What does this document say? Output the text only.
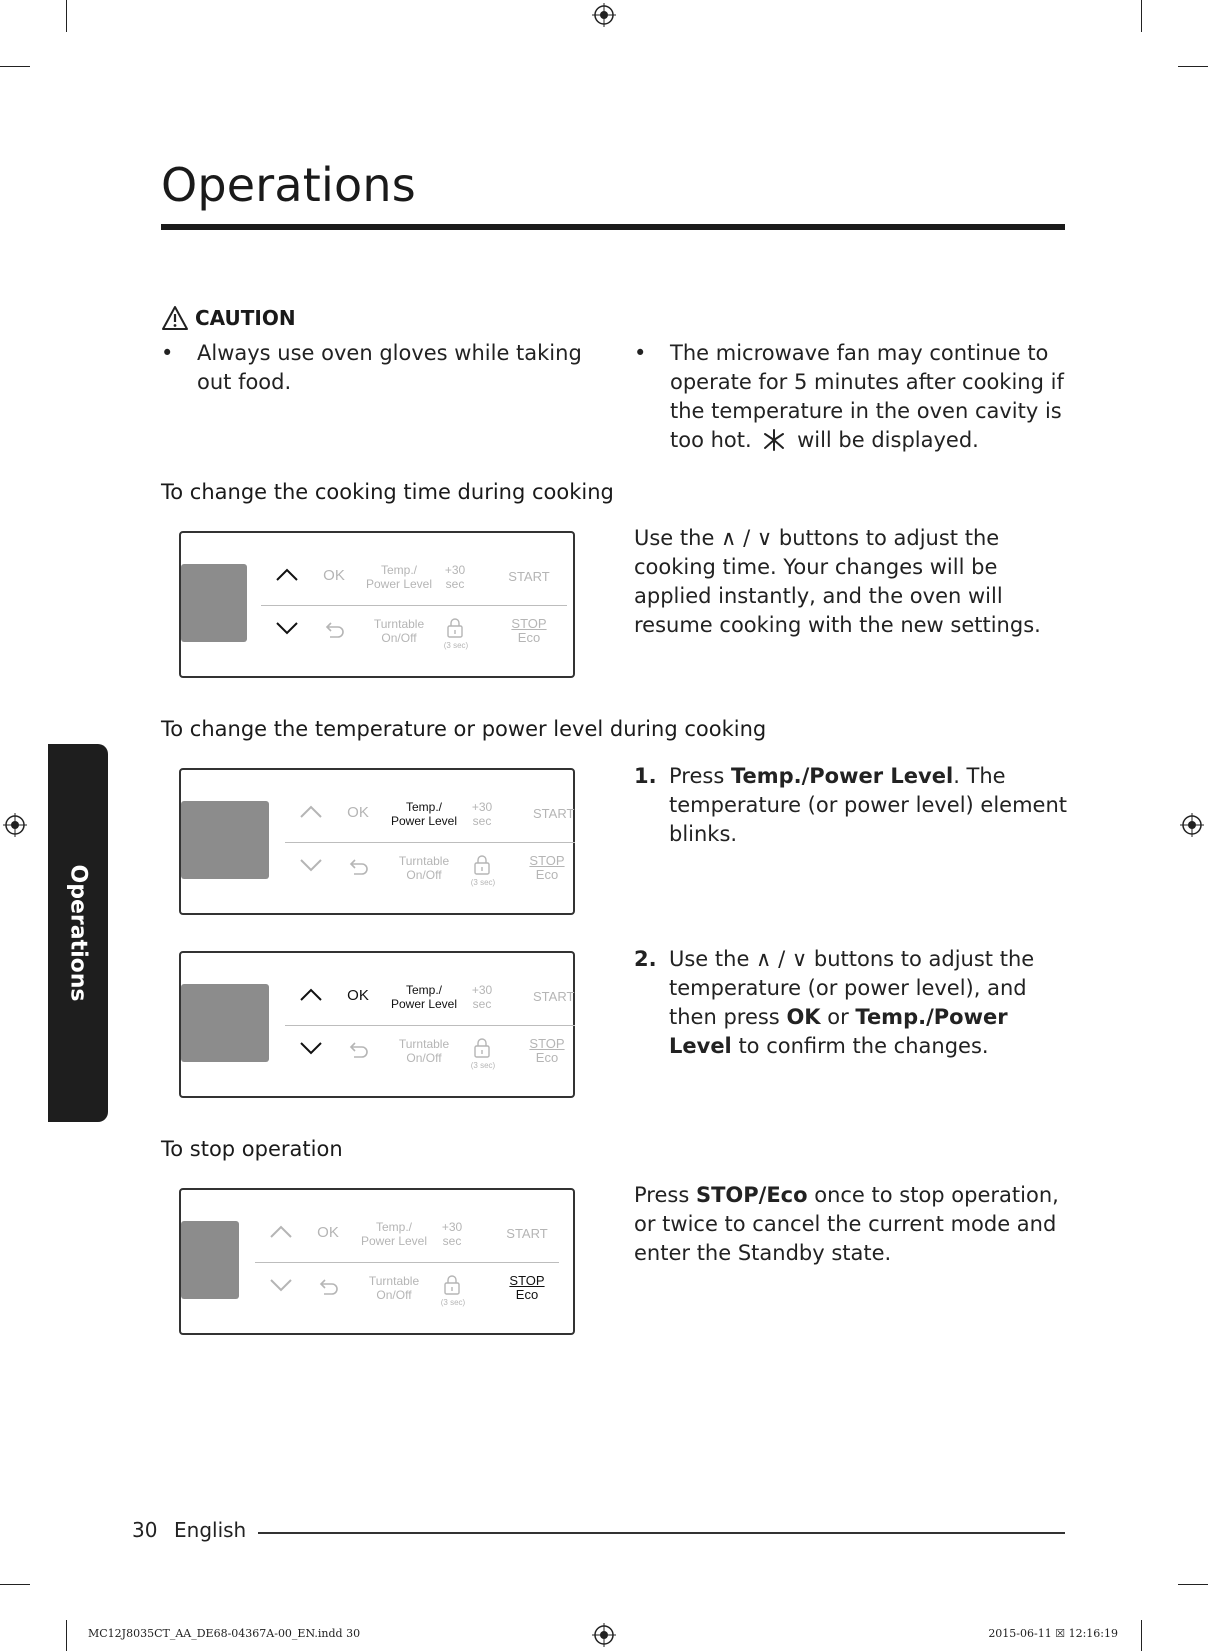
Operations
CAUTION
• Always use oven gloves while taking out food.
• The microwave fan may continue to operate for 5 minutes after cooking if the temperature in the oven cavity is too hot. will be displayed.
To change the cooking time during cooking
OK	Temp./
Power Level
Turntable
On/Off
+30
sec
(3 sec)
START
STOP
Eco
Use the ∧ / ∨ buttons to adjust the cooking time. Your changes will be applied instantly, and the oven will resume cooking with the new settings.
To change the temperature or power level during cooking
OK	Temp./
Power Level
Turntable
On/Off
+30
sec
(3 sec)
START
STOP
Eco
1. Press Temp./Power Level. The temperature (or power level) element blinks.
OK	Temp./
Power Level
Turntable
On/Off
+30
sec
(3 sec)
START
STOP
Eco
2. Use the ∧ / ∨ buttons to adjust the temperature (or power level), and then press OK or Temp./Power Level to confirm the changes.
To stop operation
OK	Temp./
Power Level
Turntable
On/Off
+30
sec
(3 sec)
START
STOP
Eco
Press STOP/Eco once to stop operation, or twice to cancel the current mode and enter the Standby state.
Operations
30 English
MC12J8035CT_AA_DE68-04367A-00_EN.indd 30	2015-06-11 ☒ 12:16:19
